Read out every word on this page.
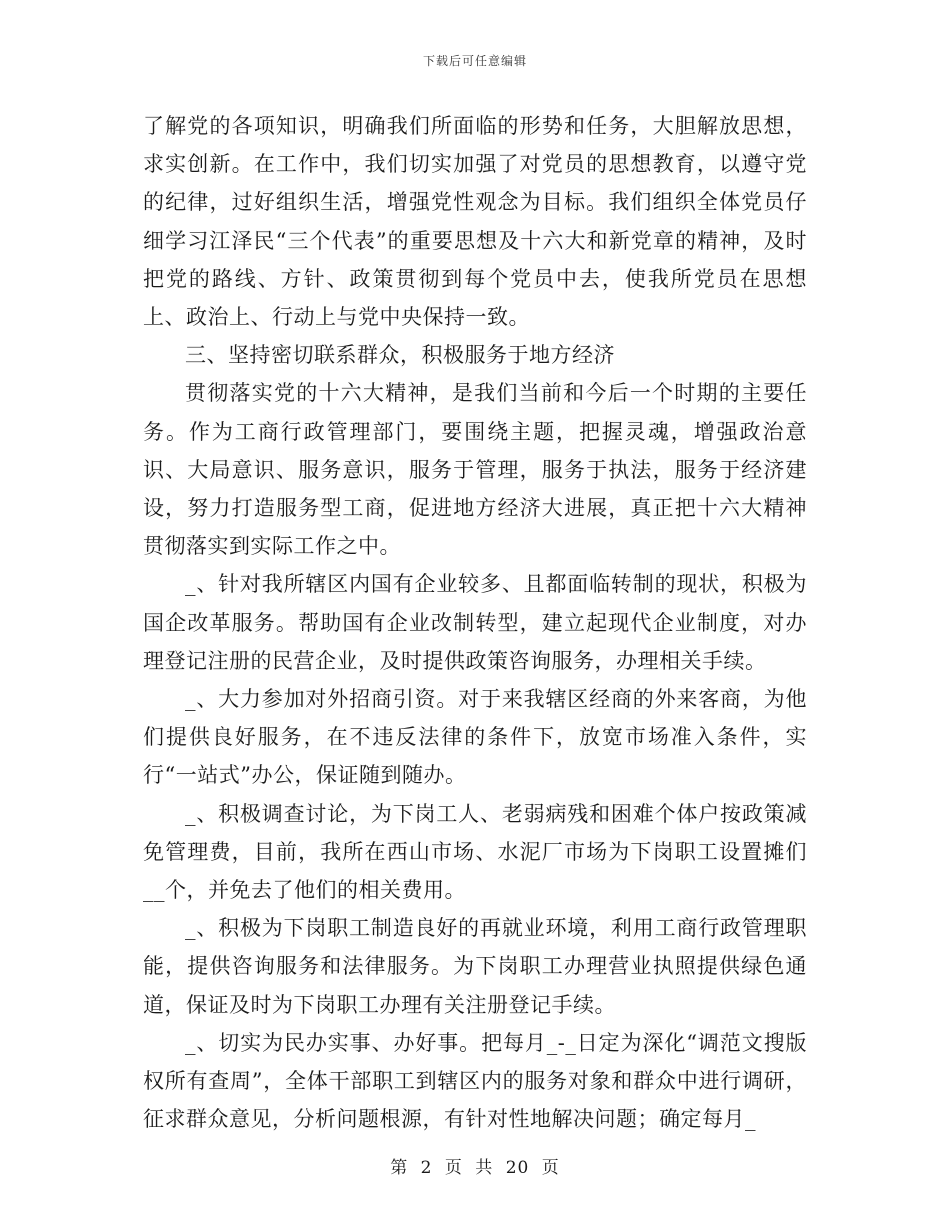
下载后可任意编辑

了解党的各项知识，明确我们所面临的形势和任务，大胆解放思想，求实创新。在工作中，我们切实加强了对党员的思想教育，以遵守党的纪律，过好组织生活，增强党性观念为目标。我们组织全体党员仔细学习江泽民“三个代表”的重要思想及十六大和新党章的精神，及时把党的路线、方针、政策贯彻到每个党员中去，使我所党员在思想上、政治上、行动上与党中央保持一致。

三、坚持密切联系群众，积极服务于地方经济

贯彻落实党的十六大精神，是我们当前和今后一个时期的主要任务。作为工商行政管理部门，要围绕主题，把握灵魂，增强政治意识、大局意识、服务意识，服务于管理，服务于执法，服务于经济建设，努力打造服务型工商，促进地方经济大进展，真正把十六大精神贯彻落实到实际工作之中。

_、针对我所辖区内国有企业较多、且都面临转制的现状，积极为国企改革服务。帮助国有企业改制转型，建立起现代企业制度，对办理登记注册的民营企业，及时提供政策咨询服务，办理相关手续。

_、大力参加对外招商引资。对于来我辖区经商的外来客商，为他们提供良好服务，在不违反法律的条件下，放宽市场准入条件，实行“一站式”办公，保证随到随办。

_、积极调查讨论，为下岗工人、老弱病残和困难个体户按政策减免管理费，目前，我所在西山市场、水泥厂市场为下岗职工设置摊们__个，并免去了他们的相关费用。

_、积极为下岗职工制造良好的再就业环境，利用工商行政管理职能，提供咨询服务和法律服务。为下岗职工办理营业执照提供绿色通道，保证及时为下岗职工办理有关注册登记手续。

_、切实为民办实事、办好事。把每月_-_日定为深化“调范文搜版权所有查周”，全体干部职工到辖区内的服务对象和群众中进行调研，征求群众意见，分析问题根源，有针对性地解决问题；确定每月_

第 2 页 共 20 页
